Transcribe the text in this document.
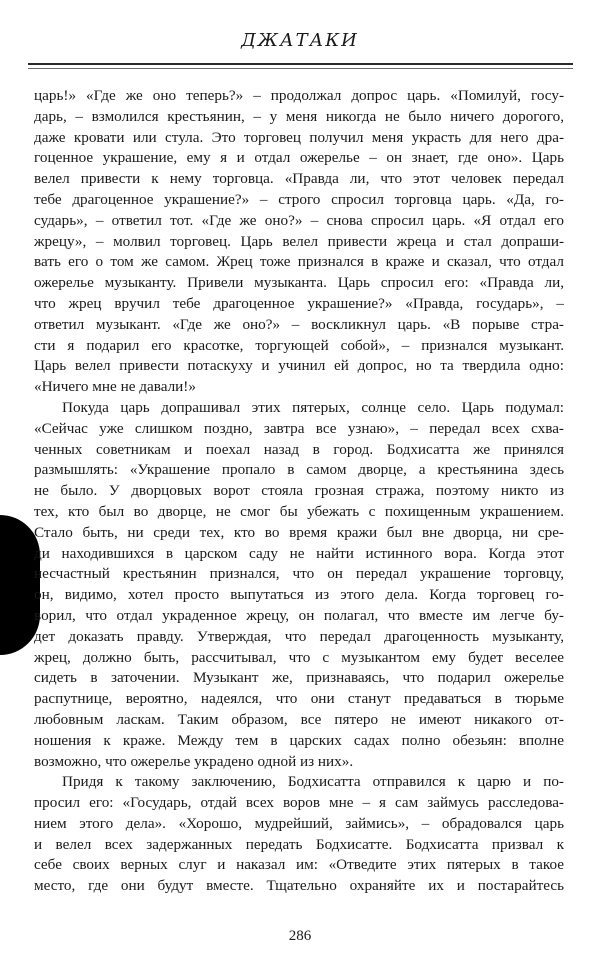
ДЖАТАКИ
царь!» «Где же оно теперь?» – продолжал допрос царь. «Помилуй, госу-
дарь, – взмолился крестьянин, – у меня никогда не было ничего дорогого,
даже кровати или стула. Это торговец получил меня украсть для него дра-
гоценное украшение, ему я и отдал ожерелье – он знает, где оно». Царь
велел привести к нему торговца. «Правда ли, что этот человек передал
тебе драгоценное украшение?» – строго спросил торговца царь. «Да, го-
сударь», – ответил тот. «Где же оно?» – снова спросил царь. «Я отдал его
жрецу», – молвил торговец. Царь велел привести жреца и стал допраши-
вать его о том же самом. Жрец тоже признался в краже и сказал, что отдал
ожерелье музыканту. Привели музыканта. Царь спросил его: «Правда ли,
что жрец вручил тебе драгоценное украшение?» «Правда, государь», –
ответил музыкант. «Где же оно?» – воскликнул царь. «В порыве стра-
сти я подарил его красотке, торгующей собой», – признался музыкант.
Царь велел привести потаскуху и учинил ей допрос, но та твердила одно:
«Ничего мне не давали!»
Покуда царь допрашивал этих пятерых, солнце село. Царь подумал:
«Сейчас уже слишком поздно, завтра все узнаю», – передал всех схва-
ченных советникам и поехал назад в город. Бодхисатта же принялся
размышлять: «Украшение пропало в самом дворце, а крестьянина здесь
не было. У дворцовых ворот стояла грозная стража, поэтому никто из
тех, кто был во дворце, не смог бы убежать с похищенным украшением.
Стало быть, ни среди тех, кто во время кражи был вне дворца, ни сре-
ди находившихся в царском саду не найти истинного вора. Когда этот
несчастный крестьянин признался, что он передал украшение торговцу,
он, видимо, хотел просто выпутаться из этого дела. Когда торговец го-
ворил, что отдал украденное жрецу, он полагал, что вместе им легче бу-
дет доказать правду. Утверждая, что передал драгоценность музыканту,
жрец, должно быть, рассчитывал, что с музыкантом ему будет веселее
сидеть в заточении. Музыкант же, признаваясь, что подарил ожерелье
распутнице, вероятно, надеялся, что они станут предаваться в тюрьме
любовным ласкам. Таким образом, все пятеро не имеют никакого от-
ношения к краже. Между тем в царских садах полно обезьян: вполне
возможно, что ожерелье украдено одной из них».
Придя к такому заключению, Бодхисатта отправился к царю и по-
просил его: «Государь, отдай всех воров мне – я сам займусь расследова-
нием этого дела». «Хорошо, мудрейший, займись», – обрадовался царь
и велел всех задержанных передать Бодхисатте. Бодхисатта призвал к
себе своих верных слуг и наказал им: «Отведите этих пятерых в такое
место, где они будут вместе. Тщательно охраняйте их и постарайтесь
286
